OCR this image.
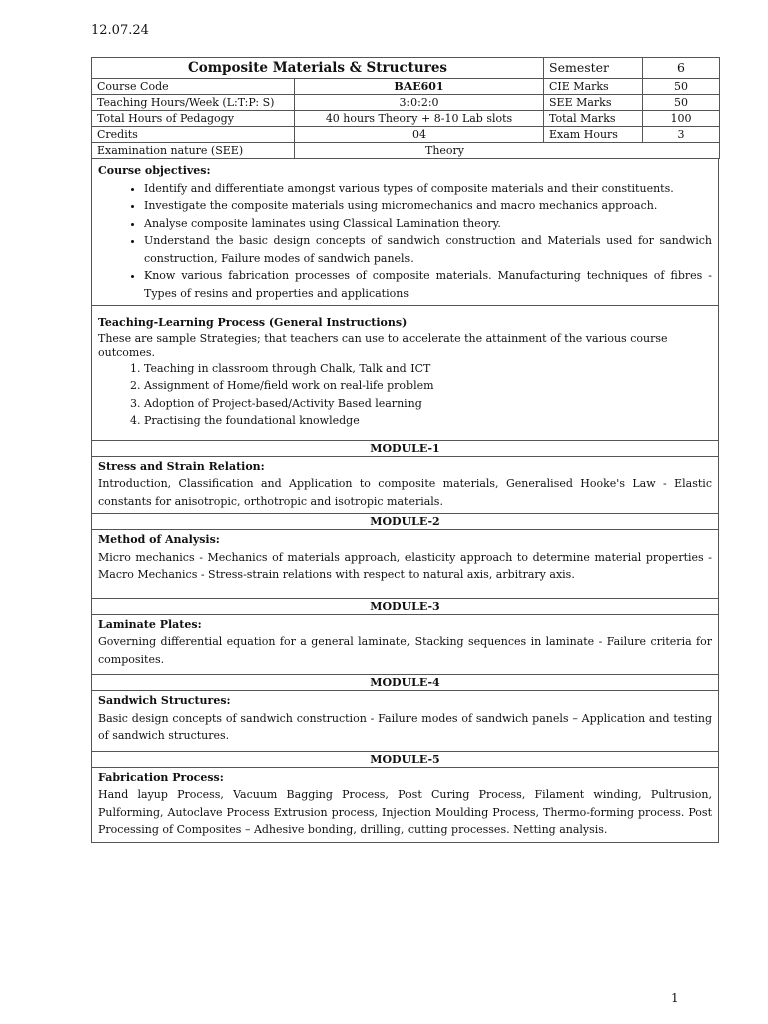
12.07.24
Composite Materials & Structures		Semester	6
Course Code	BAE601	CIE Marks	50
Teaching Hours/Week (L:T:P: S)	3:0:2:0	SEE Marks	50
Total Hours of Pedagogy	40 hours Theory + 8-10 Lab slots	Total Marks	100
Credits	04	Exam Hours	3
Examination nature (SEE)	Theory		
Course objectives:
• Identify and differentiate amongst various types of composite materials and their constituents.
• Investigate the composite materials using micromechanics and macro mechanics approach.
• Analyse composite laminates using Classical Lamination theory.
• Understand the basic design concepts of sandwich construction and Materials used for sandwich construction, Failure modes of sandwich panels.
• Know various fabrication processes of composite materials. Manufacturing techniques of fibres - Types of resins and properties and applications
Teaching-Learning Process (General Instructions)
These are sample Strategies; that teachers can use to accelerate the attainment of the various course outcomes.
1. Teaching in classroom through Chalk, Talk and ICT
2. Assignment of Home/field work on real-life problem
3. Adoption of Project-based/Activity Based learning
4. Practising the foundational knowledge
MODULE-1
Stress and Strain Relation:
Introduction, Classification and Application to composite materials, Generalised Hooke's Law - Elastic constants for anisotropic, orthotropic and isotropic materials.
MODULE-2
Method of Analysis:
Micro mechanics - Mechanics of materials approach, elasticity approach to determine material properties - Macro Mechanics - Stress-strain relations with respect to natural axis, arbitrary axis.
MODULE-3
Laminate Plates:
Governing differential equation for a general laminate, Stacking sequences in laminate - Failure criteria for composites.
MODULE-4
Sandwich Structures:
Basic design concepts of sandwich construction - Failure modes of sandwich panels – Application and testing of sandwich structures.
MODULE-5
Fabrication Process:
Hand layup Process, Vacuum Bagging Process, Post Curing Process, Filament winding, Pultrusion, Pulforming, Autoclave Process Extrusion process, Injection Moulding Process, Thermo-forming process. Post Processing of Composites – Adhesive bonding, drilling, cutting processes. Netting analysis.
1
